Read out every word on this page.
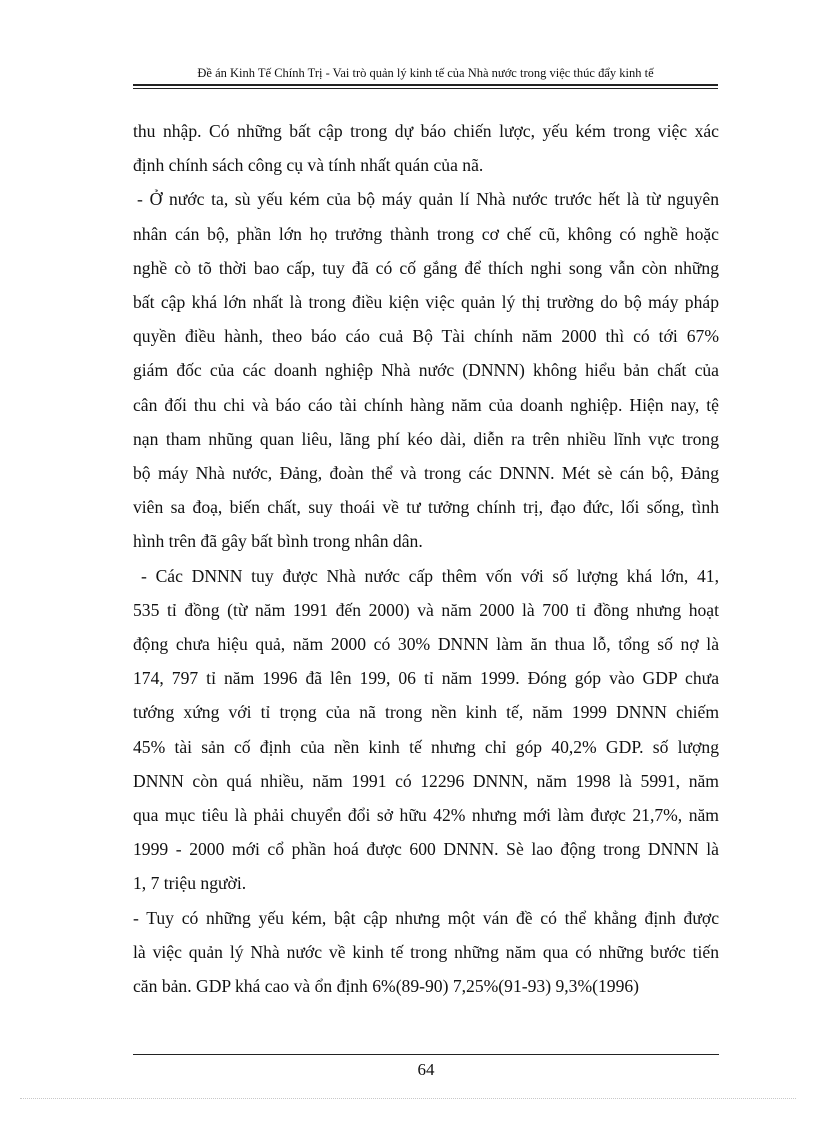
Đề án Kinh Tế Chính Trị - Vai trò quản lý kinh tế của Nhà nước trong việc thúc đẩy kinh tế

thu nhập. Có những bất cập trong dự báo chiến lược, yếu kém trong việc xác
định chính sách công cụ và tính nhất quán của nã.

- Ở nước ta, sù yếu kém của bộ máy quản lí Nhà nước trước hết là từ nguyên
nhân cán bộ, phần lớn họ trưởng thành trong cơ chế cũ, không có nghề hoặc
nghề cò tõ thời bao cấp, tuy đã có cố gắng để thích nghi song vẫn còn những
bất cập khá lớn nhất là trong điều kiện việc quản lý thị trường do bộ máy pháp
quyền điều hành, theo báo cáo cuả Bộ Tài chính năm 2000 thì có tới 67%
giám đốc của các doanh nghiệp Nhà nước (DNNN) không hiểu bản chất của
cân đối thu chi và báo cáo tài chính hàng năm của doanh nghiệp. Hiện nay, tệ
nạn tham nhũng quan liêu, lãng phí kéo dài, diễn ra trên nhiều lĩnh vực trong
bộ máy Nhà nước, Đảng, đoàn thể và trong các DNNN. Mét sè cán bộ, Đảng
viên sa đoạ, biến chất, suy thoái về tư tưởng chính trị, đạo đức, lối sống, tình
hình trên đã gây bất bình trong nhân dân.

- Các DNNN tuy được Nhà nước cấp thêm vốn với số lượng khá lớn, 41,
535 tỉ đồng (từ năm 1991 đến 2000) và năm 2000 là 700 tỉ đồng nhưng hoạt
động chưa hiệu quả, năm 2000 có 30% DNNN làm ăn thua lỗ, tổng số nợ là
174, 797 tỉ năm 1996 đã lên 199, 06 tỉ năm 1999. Đóng góp vào GDP chưa
tướng xứng với tỉ trọng của nã trong nền kinh tế, năm 1999 DNNN chiếm
45% tài sản cố định của nền kinh tế nhưng chỉ góp 40,2% GDP. số lượng
DNNN còn quá nhiều, năm 1991 có 12296 DNNN, năm 1998 là 5991, năm
qua mục tiêu là phải chuyển đổi sở hữu 42% nhưng mới làm được 21,7%, năm
1999 - 2000 mới cổ phần hoá được 600 DNNN. Sè lao động trong DNNN là
1, 7 triệu người.

- Tuy có những yếu kém, bật cập nhưng một ván đề có thể khẳng định được
là việc quản lý Nhà nước về kinh tế trong những năm qua có những bước tiến
căn bản. GDP khá cao và ổn định 6%(89-90) 7,25%(91-93) 9,3%(1996)

64
